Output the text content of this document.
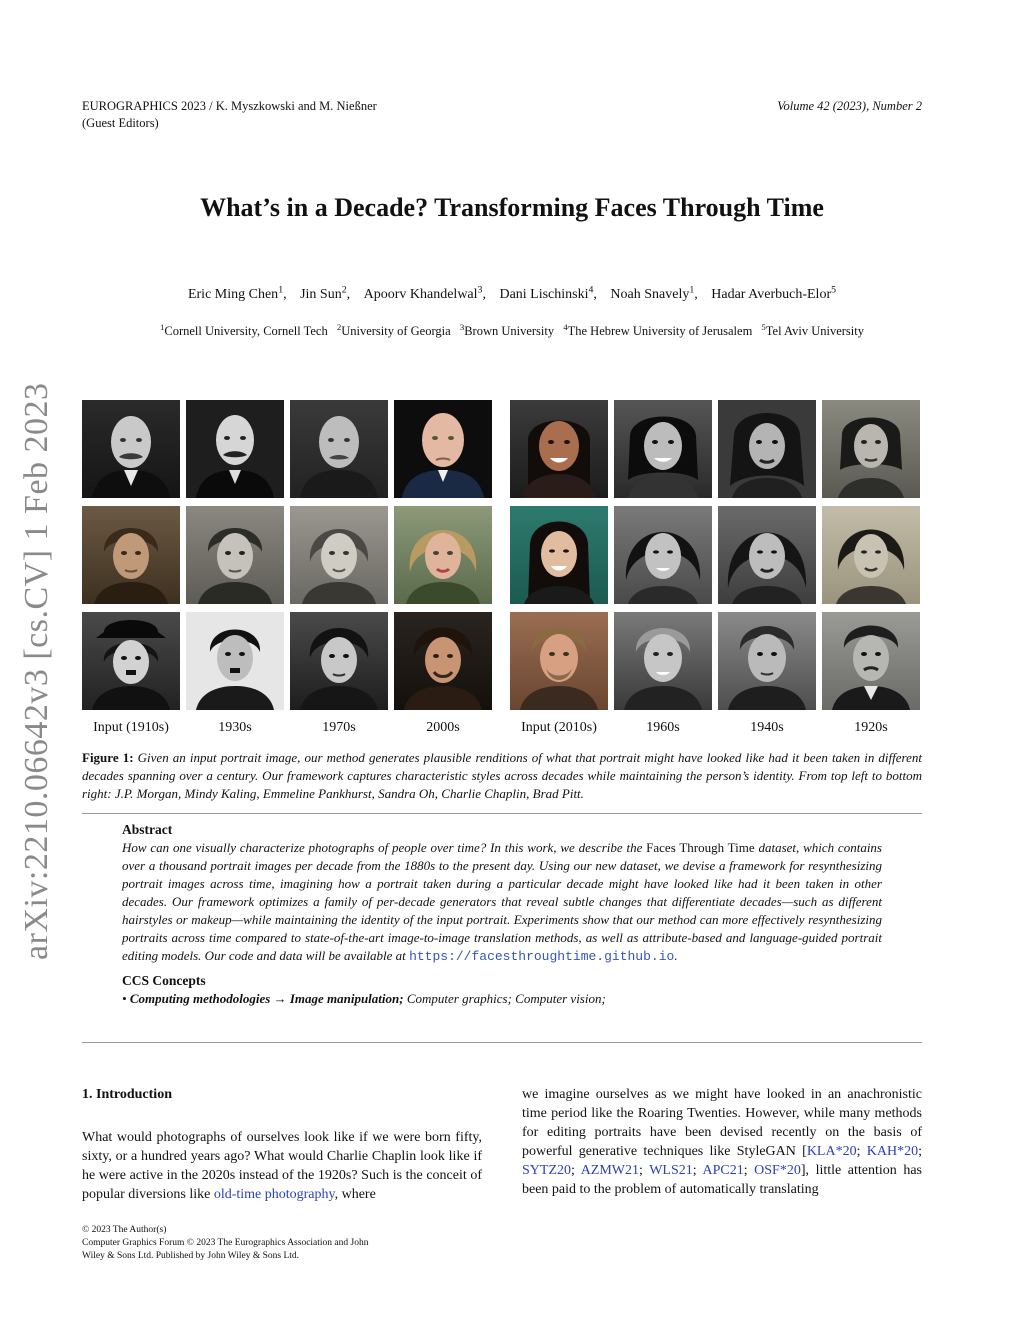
EUROGRAPHICS 2023 / K. Myszkowski and M. Nießner
(Guest Editors)
Volume 42 (2023), Number 2
What’s in a Decade? Transforming Faces Through Time
Eric Ming Chen$^1$, Jin Sun$^2$, Apoorv Khandelwal$^3$, Dani Lischinski$^4$, Noah Snavely$^1$, Hadar Averbuch-Elor$^5$
$^1$Cornell University, Cornell Tech $^2$University of Georgia $^3$Brown University $^4$The Hebrew University of Jerusalem $^5$Tel Aviv University
arXiv:2210.06642v3 [cs.CV] 1 Feb 2023	Input (1910s)	1930s	1970s	2000s	Input (2010s)	1960s	1940s	1920s
Figure 1: Given an input portrait image, our method generates plausible renditions of what that portrait might have looked like had it been taken in different decades spanning over a century. Our framework captures characteristic styles across decades while maintaining the person’s identity. From top left to bottom right: J.P. Morgan, Mindy Kaling, Emmeline Pankhurst, Sandra Oh, Charlie Chaplin, Brad Pitt.
Abstract
How can one visually characterize photographs of people over time? In this work, we describe the Faces Through Time dataset, which contains over a thousand portrait images per decade from the 1880s to the present day. Using our new dataset, we devise a framework for resynthesizing portrait images across time, imagining how a portrait taken during a particular decade might have looked like had it been taken in other decades. Our framework optimizes a family of per-decade generators that reveal subtle changes that differentiate decades—such as different hairstyles or makeup—while maintaining the identity of the input portrait. Experiments show that our method can more effectively resynthesizing portraits across time compared to state-of-the-art image-to-image translation methods, as well as attribute-based and language-guided portrait editing models. Our code and data will be available at https://facesthroughtime.github.io.
CCS Concepts
• Computing methodologies → Image manipulation; Computer graphics; Computer vision;
1. Introduction
What would photographs of ourselves look like if we were born fifty, sixty, or a hundred years ago? What would Charlie Chaplin look like if he were active in the 2020s instead of the 1920s? Such is the conceit of popular diversions like old-time photography, where
we imagine ourselves as we might have looked in an anachronistic time period like the Roaring Twenties. However, while many methods for editing portraits have been devised recently on the basis of powerful generative techniques like StyleGAN [KLA*20; KAH*20; SYTZ20; AZMW21; WLS21; APC21; OSF*20], little attention has been paid to the problem of automatically translating
© 2023 The Author(s)
Computer Graphics Forum © 2023 The Eurographics Association and John
Wiley & Sons Ltd. Published by John Wiley & Sons Ltd.
